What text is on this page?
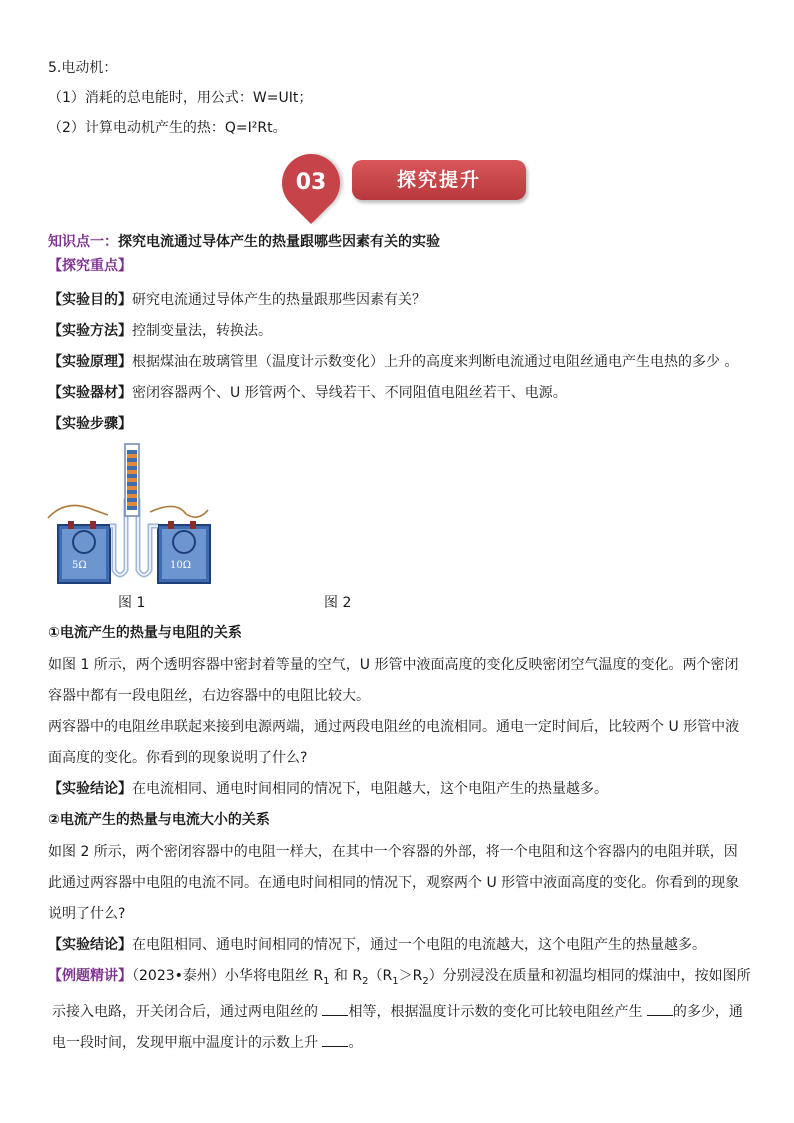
5.电动机：
（1）消耗的总电能时，用公式：W=UIt；
（2）计算电动机产生的热：Q=I²Rt。
03	探究提升
知识点一：探究电流通过导体产生的热量跟哪些因素有关的实验
【探究重点】
【实验目的】研究电流通过导体产生的热量跟那些因素有关？
【实验方法】控制变量法，转换法。
【实验原理】根据煤油在玻璃管里（温度计示数变化）上升的高度来判断电流通过电阻丝通电产生电热的多少 。
【实验器材】密闭容器两个、U 形管两个、导线若干、不同阻值电阻丝若干、电源。
【实验步骤】
5Ω	10Ω
图 1	图 2
①电流产生的热量与电阻的关系
如图 1 所示，两个透明容器中密封着等量的空气，U 形管中液面高度的变化反映密闭空气温度的变化。两个密闭容器中都有一段电阻丝，右边容器中的电阻比较大。
两容器中的电阻丝串联起来接到电源两端，通过两段电阻丝的电流相同。通电一定时间后，比较两个 U 形管中液面高度的变化。你看到的现象说明了什么?
【实验结论】在电流相同、通电时间相同的情况下，电阻越大，这个电阻产生的热量越多。
②电流产生的热量与电流大小的关系
如图 2 所示，两个密闭容器中的电阻一样大，在其中一个容器的外部，将一个电阻和这个容器内的电阻并联，因此通过两容器中电阻的电流不同。在通电时间相同的情况下，观察两个 U 形管中液面高度的变化。你看到的现象说明了什么?
【实验结论】在电阻相同、通电时间相同的情况下，通过一个电阻的电流越大，这个电阻产生的热量越多。
【例题精讲】（2023•泰州）小华将电阻丝 $R_1$ 和 $R_2(R_1>R_2)$分别浸没在质量和初温均相同的煤油中，按如图所示接入电路，开关闭合后，通过两电阻丝的 相等，根据温度计示数的变化可比较电阻丝产生 的多少，通电一段时间，发现甲瓶中温度计的示数上升 。
